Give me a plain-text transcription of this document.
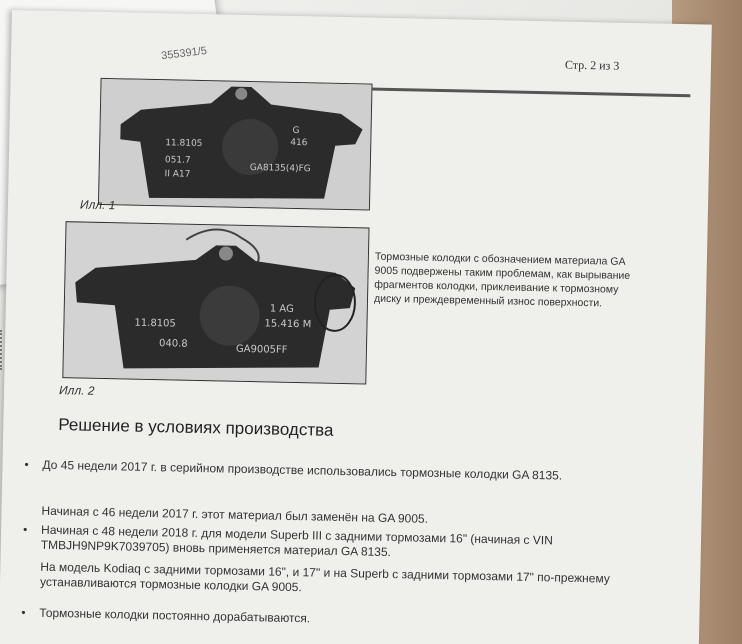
355391/5
Стр. 2 из 3
11.8105
051.7
II A17
G
416
GA8135(4)FG
Илл. 1
11.8105
1 AG
15.416 M
040.8	GA9005FF
Илл. 2
Тормозные колодки с обозначением материала GA 9005 подвержены таким проблемам, как вырывание фрагментов колодки, приклеивание к тормозному диску и преждевременный износ поверхности.
Решение в условиях производства
• До 45 недели 2017 г. в серийном производстве использовались тормозные колодки GA 8135.
Начиная с 46 недели 2017 г. этот материал был заменён на GA 9005.
• Начиная с 48 недели 2018 г. для модели Superb III с задними тормозами 16" (начиная с VIN TMBJH9NP9K7039705) вновь применяется материал GA 8135.
На модель Kodiaq с задними тормозами 16", и 17" и на Superb с задними тормозами 17" по-прежнему устанавливаются тормозные колодки GA 9005.
• Тормозные колодки постоянно дорабатываются.
